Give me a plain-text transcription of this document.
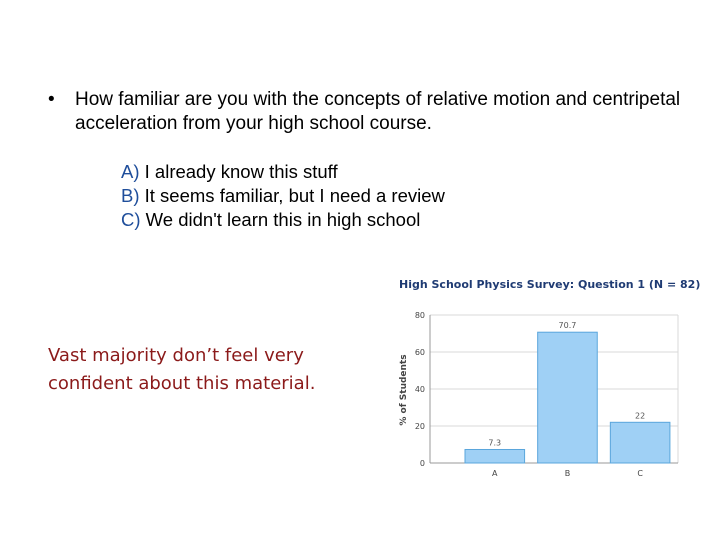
•	How familiar are you with the concepts of relative motion and centripetal acceleration from your high school course.
A) I already know this stuff
B) It seems familiar, but I need a review
C) We didn't learn this in high school
Vast majority don’t feel very confident about this material.
High School Physics Survey: Question 1 (N = 82)
0
20
40
60
80
7.3
A
70.7
B
22
C
% of Students
